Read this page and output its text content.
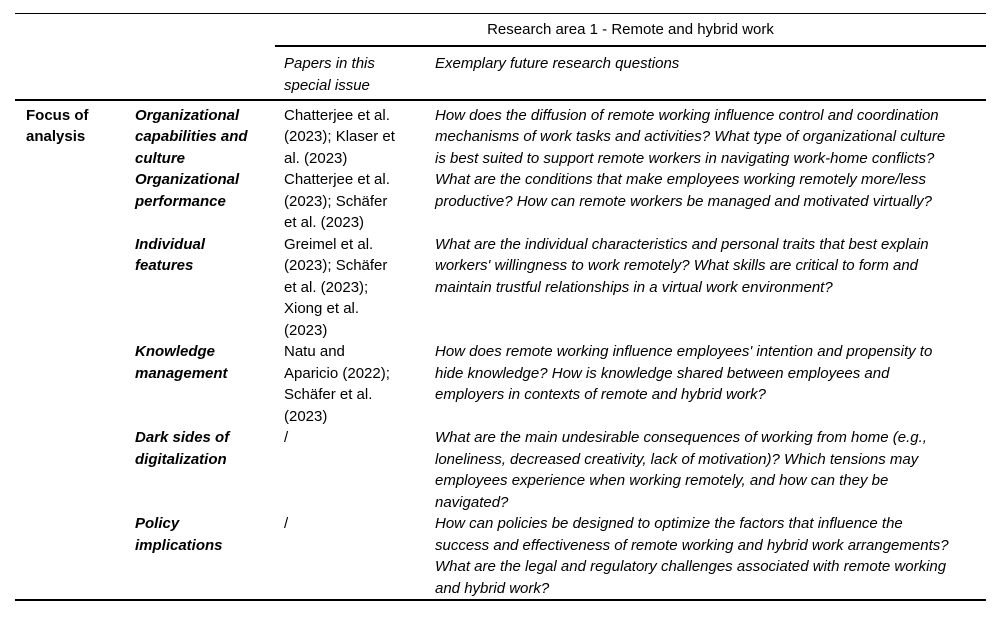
Research area 1 - Remote and hybrid work
Papers in this special issue
Exemplary future research questions
Focus of analysis
Organizational capabilities and culture
Chatterjee et al. (2023); Klaser et al. (2023)
How does the diffusion of remote working influence control and coordination mechanisms of work tasks and activities? What type of organizational culture is best suited to support remote workers in navigating work-home conflicts?
Organizational performance
Chatterjee et al. (2023); Schäfer et al. (2023)
What are the conditions that make employees working remotely more/less productive? How can remote workers be managed and motivated virtually?
Individual features
Greimel et al. (2023); Schäfer et al. (2023); Xiong et al. (2023)
What are the individual characteristics and personal traits that best explain workers' willingness to work remotely? What skills are critical to form and maintain trustful relationships in a virtual work environment?
Knowledge management
Natu and Aparicio (2022); Schäfer et al. (2023)
How does remote working influence employees' intention and propensity to hide knowledge? How is knowledge shared between employees and employers in contexts of remote and hybrid work?
Dark sides of digitalization
/	What are the main undesirable consequences of working from home (e.g., loneliness, decreased creativity, lack of motivation)? Which tensions may employees experience when working remotely, and how can they be navigated?
Policy implications
/	How can policies be designed to optimize the factors that influence the success and effectiveness of remote working and hybrid work arrangements?What are the legal and regulatory challenges associated with remote working and hybrid work?
